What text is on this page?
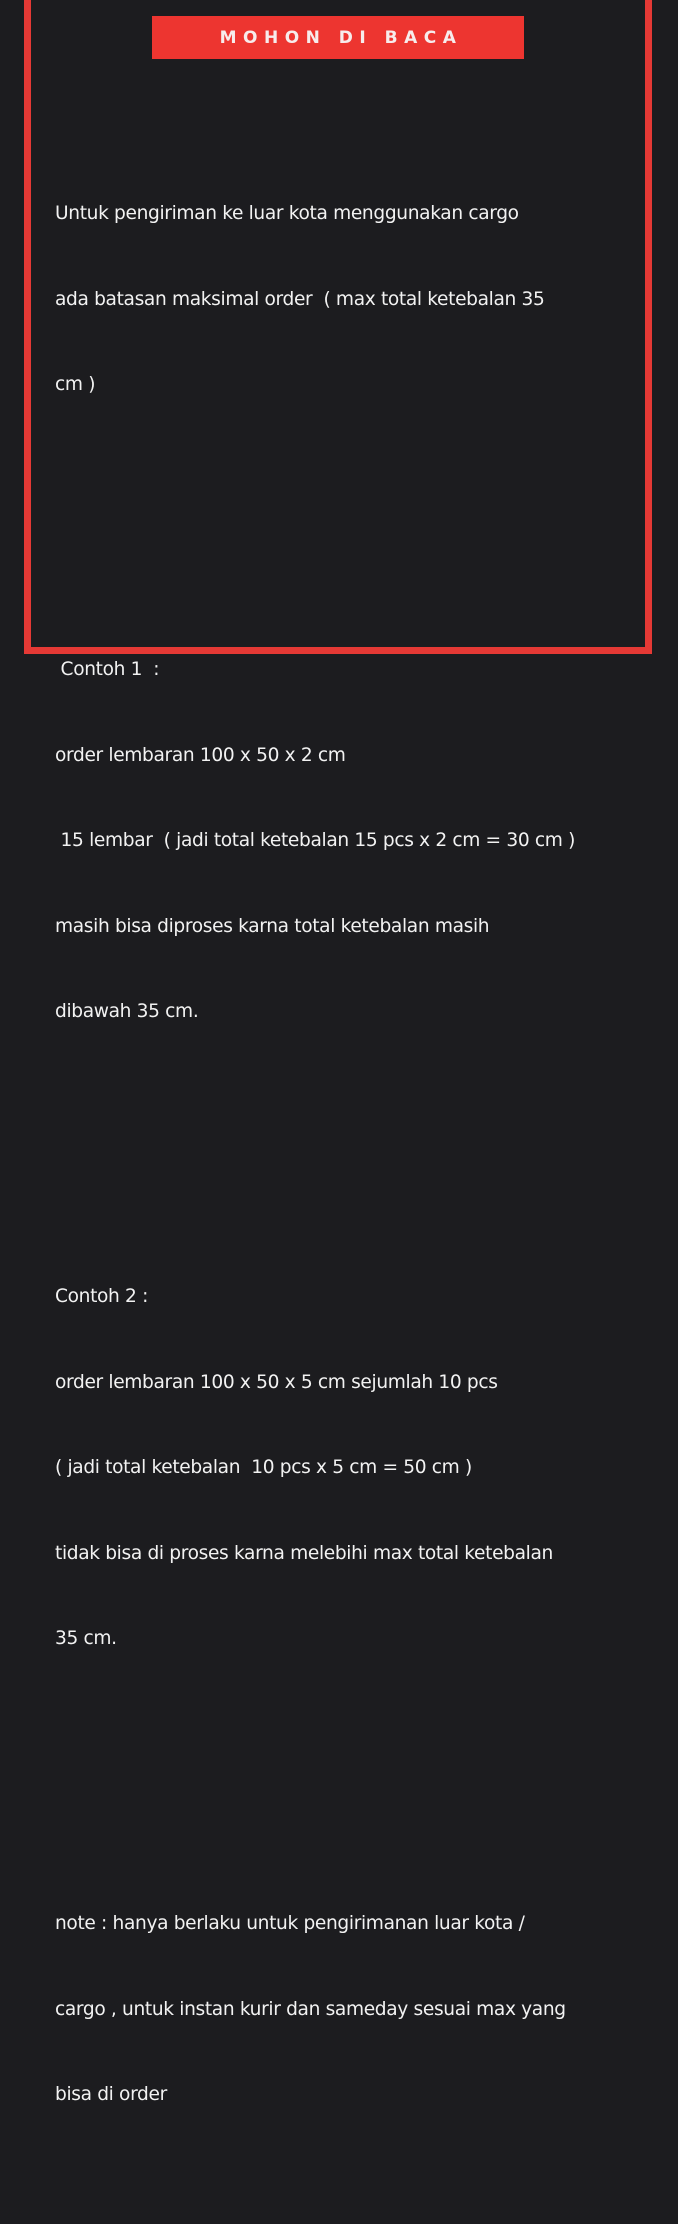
MOHON DI BACA

Untuk pengiriman ke luar kota menggunakan cargo

ada batasan maksimal order  ( max total ketebalan 35

cm )

Contoh 1  :

order lembaran 100 x 50 x 2 cm

15 lembar  ( jadi total ketebalan 15 pcs x 2 cm = 30 cm )

masih bisa diproses karna total ketebalan masih

dibawah 35 cm.

Contoh 2 :

order lembaran 100 x 50 x 5 cm sejumlah 10 pcs

( jadi total ketebalan  10 pcs x 5 cm = 50 cm )

tidak bisa di proses karna melebihi max total ketebalan

35 cm.

note : hanya berlaku untuk pengirimanan luar kota /

cargo , untuk instan kurir dan sameday sesuai max yang

bisa di order
